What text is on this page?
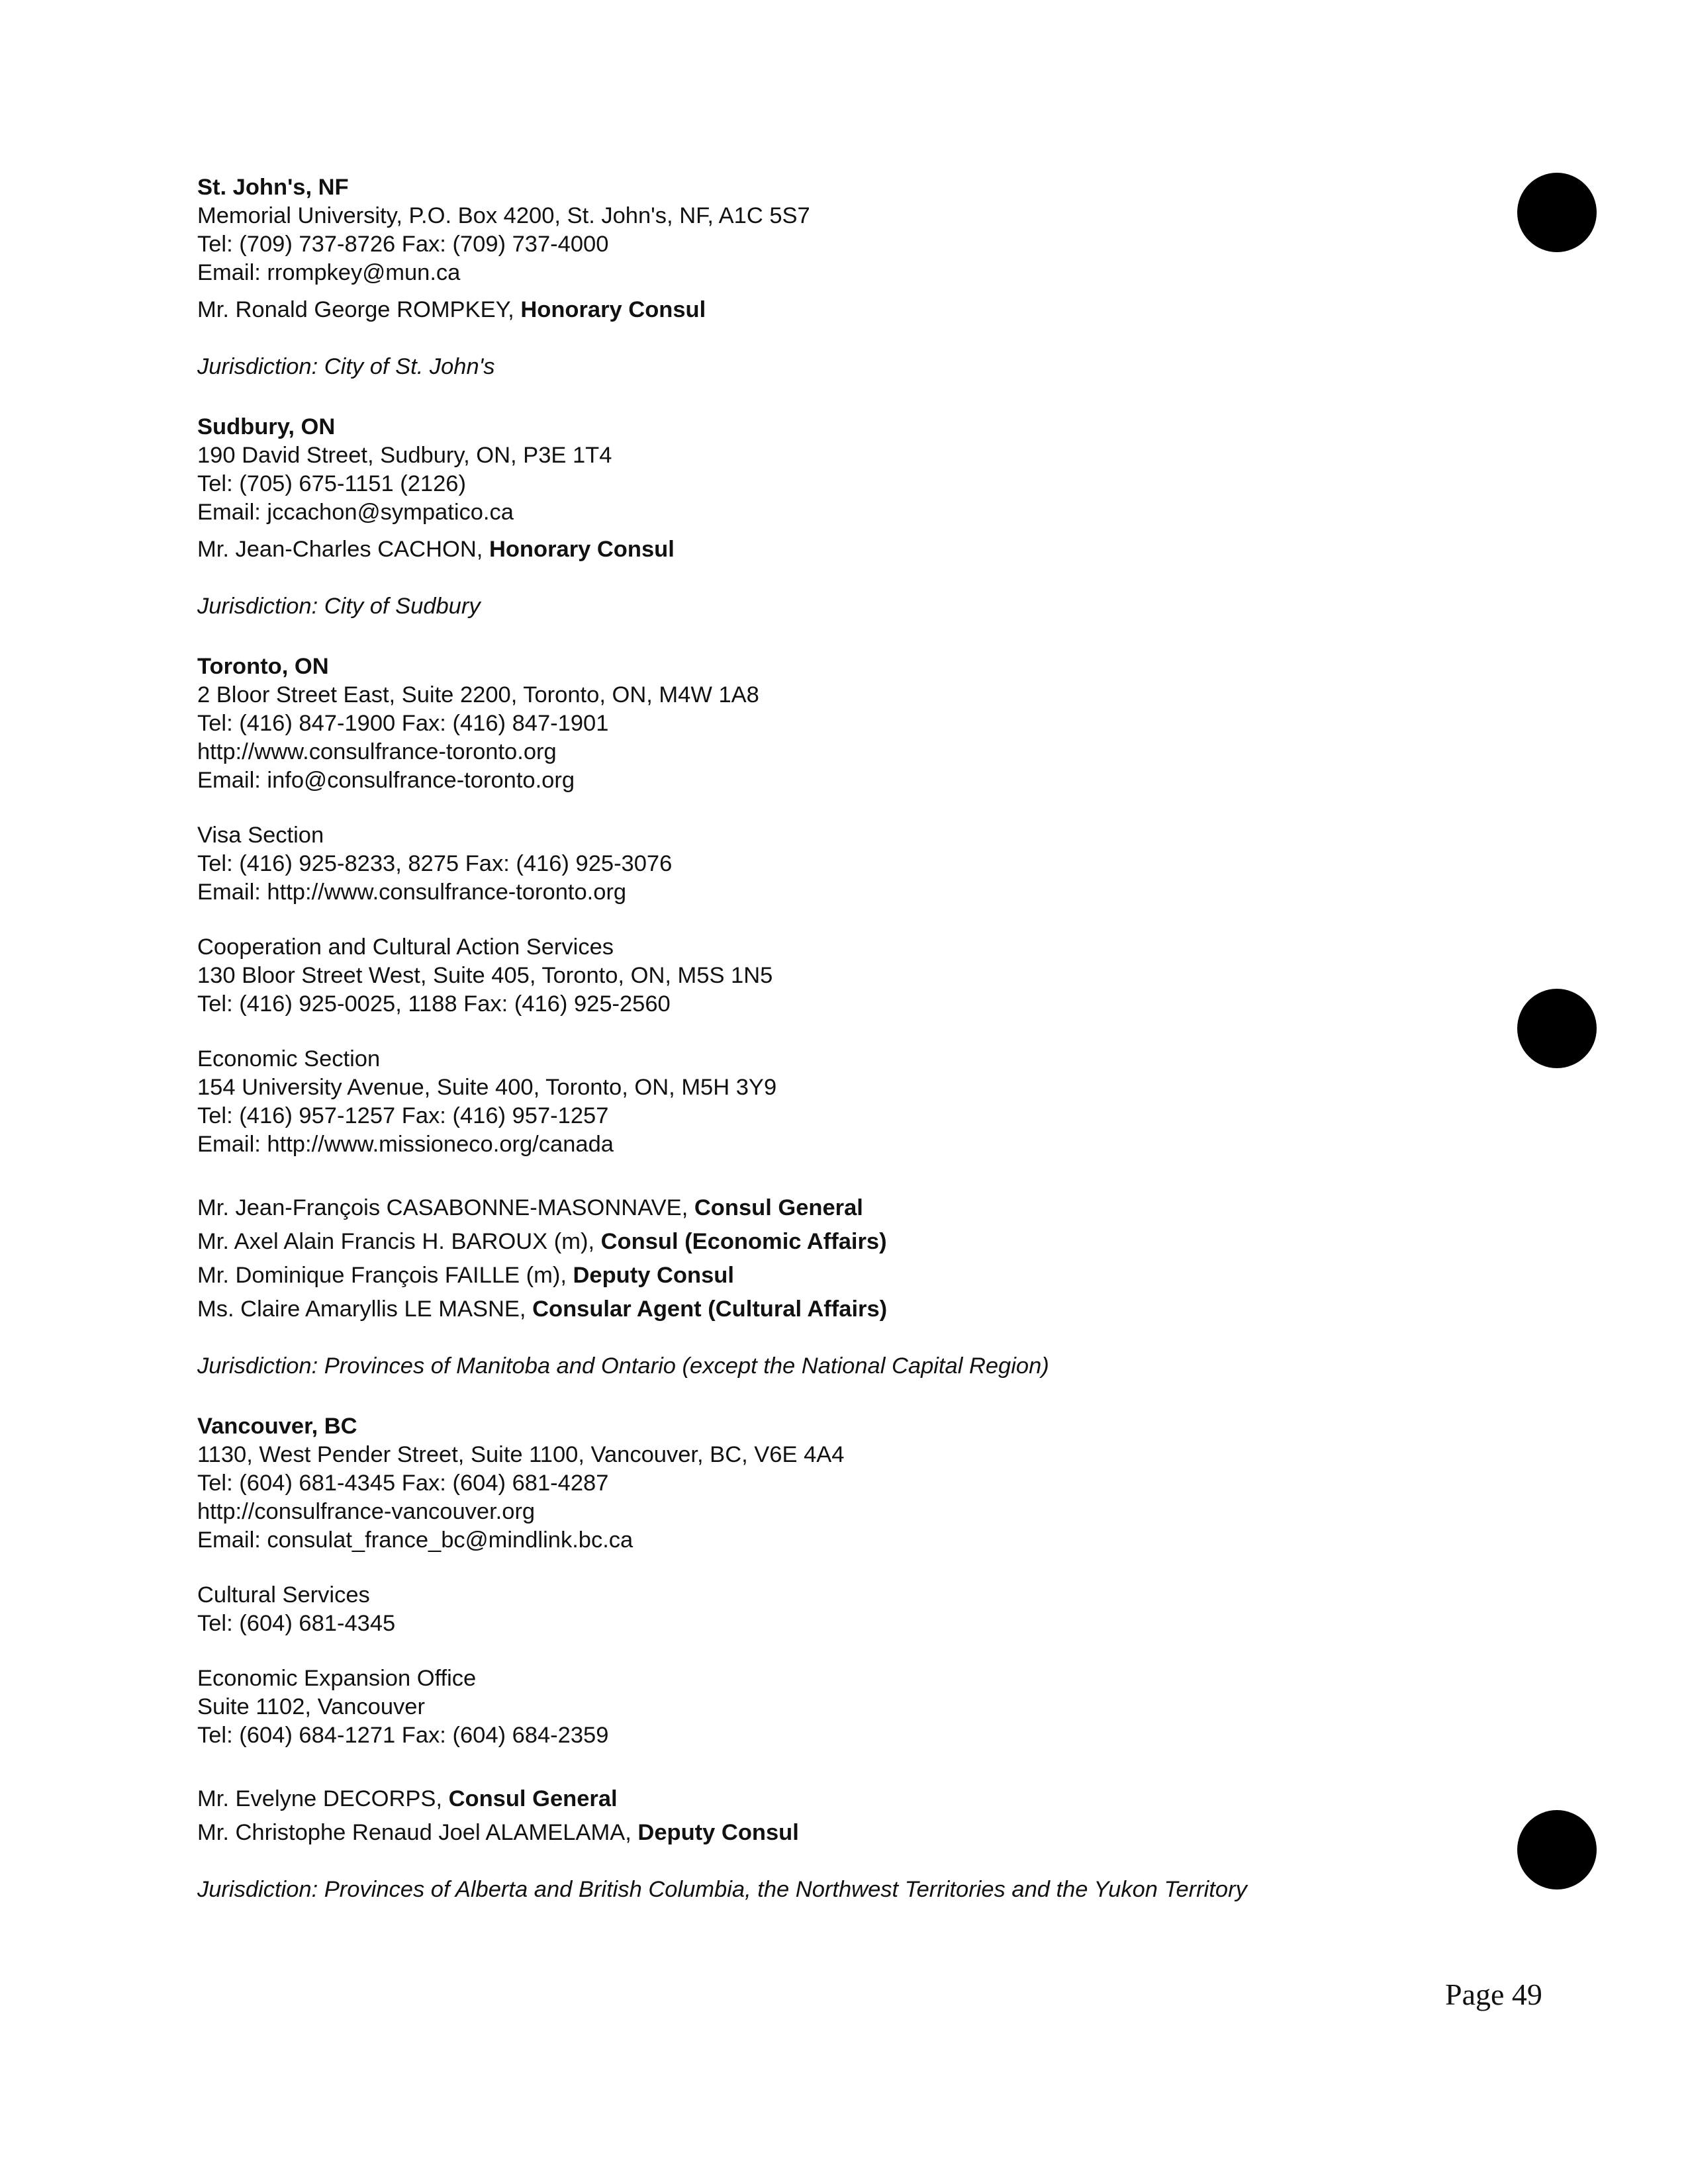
St. John's, NF
Memorial University, P.O. Box 4200, St. John's, NF, A1C 5S7
Tel: (709) 737-8726 Fax: (709) 737-4000
Email: rrompkey@mun.ca
Mr. Ronald George ROMPKEY, Honorary Consul
Jurisdiction: City of St. John's
Sudbury, ON
190 David Street, Sudbury, ON, P3E 1T4
Tel: (705) 675-1151 (2126)
Email: jccachon@sympatico.ca
Mr. Jean-Charles CACHON, Honorary Consul
Jurisdiction: City of Sudbury
Toronto, ON
2 Bloor Street East, Suite 2200, Toronto, ON, M4W 1A8
Tel: (416) 847-1900 Fax: (416) 847-1901
http://www.consulfrance-toronto.org
Email: info@consulfrance-toronto.org
Visa Section
Tel: (416) 925-8233, 8275 Fax: (416) 925-3076
Email: http://www.consulfrance-toronto.org
Cooperation and Cultural Action Services
130 Bloor Street West, Suite 405, Toronto, ON, M5S 1N5
Tel: (416) 925-0025, 1188 Fax: (416) 925-2560
Economic Section
154 University Avenue, Suite 400, Toronto, ON, M5H 3Y9
Tel: (416) 957-1257 Fax: (416) 957-1257
Email: http://www.missioneco.org/canada
Mr. Jean-François CASABONNE-MASONNAVE, Consul General
Mr. Axel Alain Francis H. BAROUX (m), Consul (Economic Affairs)
Mr. Dominique François FAILLE (m), Deputy Consul
Ms. Claire Amaryllis LE MASNE, Consular Agent (Cultural Affairs)
Jurisdiction: Provinces of Manitoba and Ontario (except the National Capital Region)
Vancouver, BC
1130, West Pender Street, Suite 1100, Vancouver, BC, V6E 4A4
Tel: (604) 681-4345 Fax: (604) 681-4287
http://consulfrance-vancouver.org
Email: consulat_france_bc@mindlink.bc.ca
Cultural Services
Tel: (604) 681-4345
Economic Expansion Office
Suite 1102, Vancouver
Tel: (604) 684-1271 Fax: (604) 684-2359
Mr. Evelyne DECORPS, Consul General
Mr. Christophe Renaud Joel ALAMELAMA, Deputy Consul
Jurisdiction: Provinces of Alberta and British Columbia, the Northwest Territories and the Yukon Territory
Page 49
